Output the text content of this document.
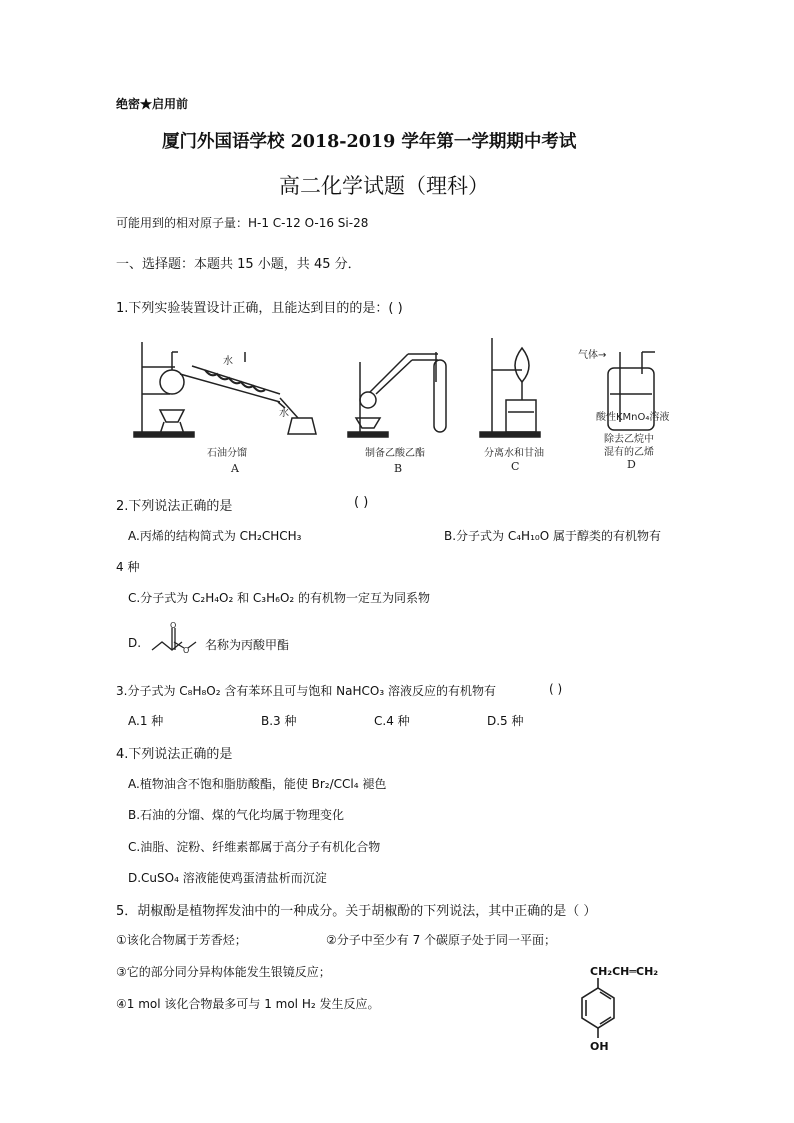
绝密★启用前
厦门外国语学校 2018-2019 学年第一学期期中考试
高二化学试题（理科）
可能用到的相对原子量：H-1 C-12 O-16 Si-28
一、选择题：本题共 15 小题，共 45 分．
1.下列实验装置设计正确，且能达到目的的是：( )
水
水
石油分馏
A
制备乙酸乙酯
B
分离水和甘油
C
气体→
酸性KMnO₄溶液
除去乙烷中
混有的乙烯
D
2.下列说法正确的是	( )
A.丙烯的结构简式为 CH₂CHCH₃	B.分子式为 C₄H₁₀O 属于醇类的有机物有
4 种
C.分子式为 C₂H₄O₂ 和 C₃H₆O₂ 的有机物一定互为同系物
D.
O
O 名称为丙酸甲酯
3.分子式为 C₈H₈O₂ 含有苯环且可与饱和 NaHCO₃ 溶液反应的有机物有	( )
A.1 种	B.3 种	C.4 种	D.5 种
4.下列说法正确的是
A.植物油含不饱和脂肪酸酯，能使 Br₂/CCl₄ 褪色
B.石油的分馏、煤的气化均属于物理变化
C.油脂、淀粉、纤维素都属于高分子有机化合物
D.CuSO₄ 溶液能使鸡蛋清盐析而沉淀
5．胡椒酚是植物挥发油中的一种成分。关于胡椒酚的下列说法，其中正确的是（ ）
①该化合物属于芳香烃；	②分子中至少有 7 个碳原子处于同一平面；
③它的部分同分异构体能发生银镜反应；
④1 mol 该化合物最多可与 1 mol H₂ 发生反应。
CH₂CH═CH₂
OH
